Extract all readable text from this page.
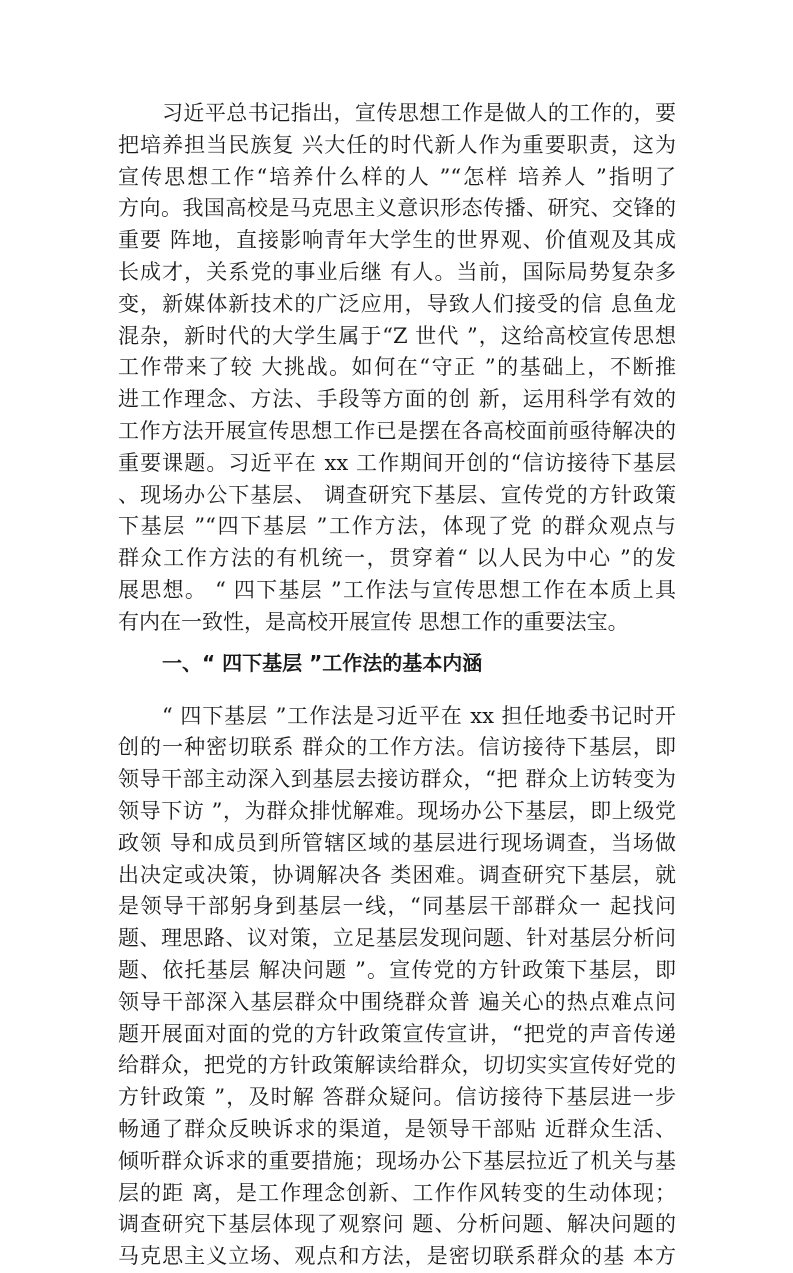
习近平总书记指出，宣传思想工作是做人的工作的，要
把培养担当民族复 兴大任的时代新人作为重要职责，这为
宣传思想工作“培养什么样的人 ”“怎样 培养人 ”指明了
方向。我国高校是马克思主义意识形态传播、研究、交锋的
重要 阵地，直接影响青年大学生的世界观、价值观及其成
长成才，关系党的事业后继 有人。当前，国际局势复杂多
变，新媒体新技术的广泛应用，导致人们接受的信 息鱼龙
混杂，新时代的大学生属于“Z 世代 ”，这给高校宣传思想
工作带来了较 大挑战。如何在“守正 ”的基础上，不断推
进工作理念、方法、手段等方面的创 新，运用科学有效的
工作方法开展宣传思想工作已是摆在各高校面前亟待解决的
重要课题。习近平在 xx 工作期间开创的“信访接待下基层
、现场办公下基层、 调查研究下基层、宣传党的方针政策
下基层 ”“四下基层 ”工作方法，体现了党 的群众观点与
群众工作方法的有机统一，贯穿着“ 以人民为中心 ”的发
展思想。 “ 四下基层 ”工作法与宣传思想工作在本质上具
有内在一致性，是高校开展宣传 思想工作的重要法宝。
一、“ 四下基层 ”工作法的基本内涵
“ 四下基层 ”工作法是习近平在 xx 担任地委书记时开
创的一种密切联系 群众的工作方法。信访接待下基层，即
领导干部主动深入到基层去接访群众，“把 群众上访转变为
领导下访 ”，为群众排忧解难。现场办公下基层，即上级党
政领 导和成员到所管辖区域的基层进行现场调查，当场做
出决定或决策，协调解决各 类困难。调查研究下基层，就
是领导干部躬身到基层一线，“同基层干部群众一 起找问
题、理思路、议对策，立足基层发现问题、针对基层分析问
题、依托基层 解决问题 ”。宣传党的方针政策下基层，即
领导干部深入基层群众中围绕群众普 遍关心的热点难点问
题开展面对面的党的方针政策宣传宣讲，“把党的声音传递
给群众，把党的方针政策解读给群众，切切实实宣传好党的
方针政策 ”，及时解 答群众疑问。信访接待下基层进一步
畅通了群众反映诉求的渠道，是领导干部贴 近群众生活、
倾听群众诉求的重要措施；现场办公下基层拉近了机关与基
层的距 离，是工作理念创新、工作作风转变的生动体现；
调查研究下基层体现了观察问 题、分析问题、解决问题的
马克思主义立场、观点和方法，是密切联系群众的基 本方
